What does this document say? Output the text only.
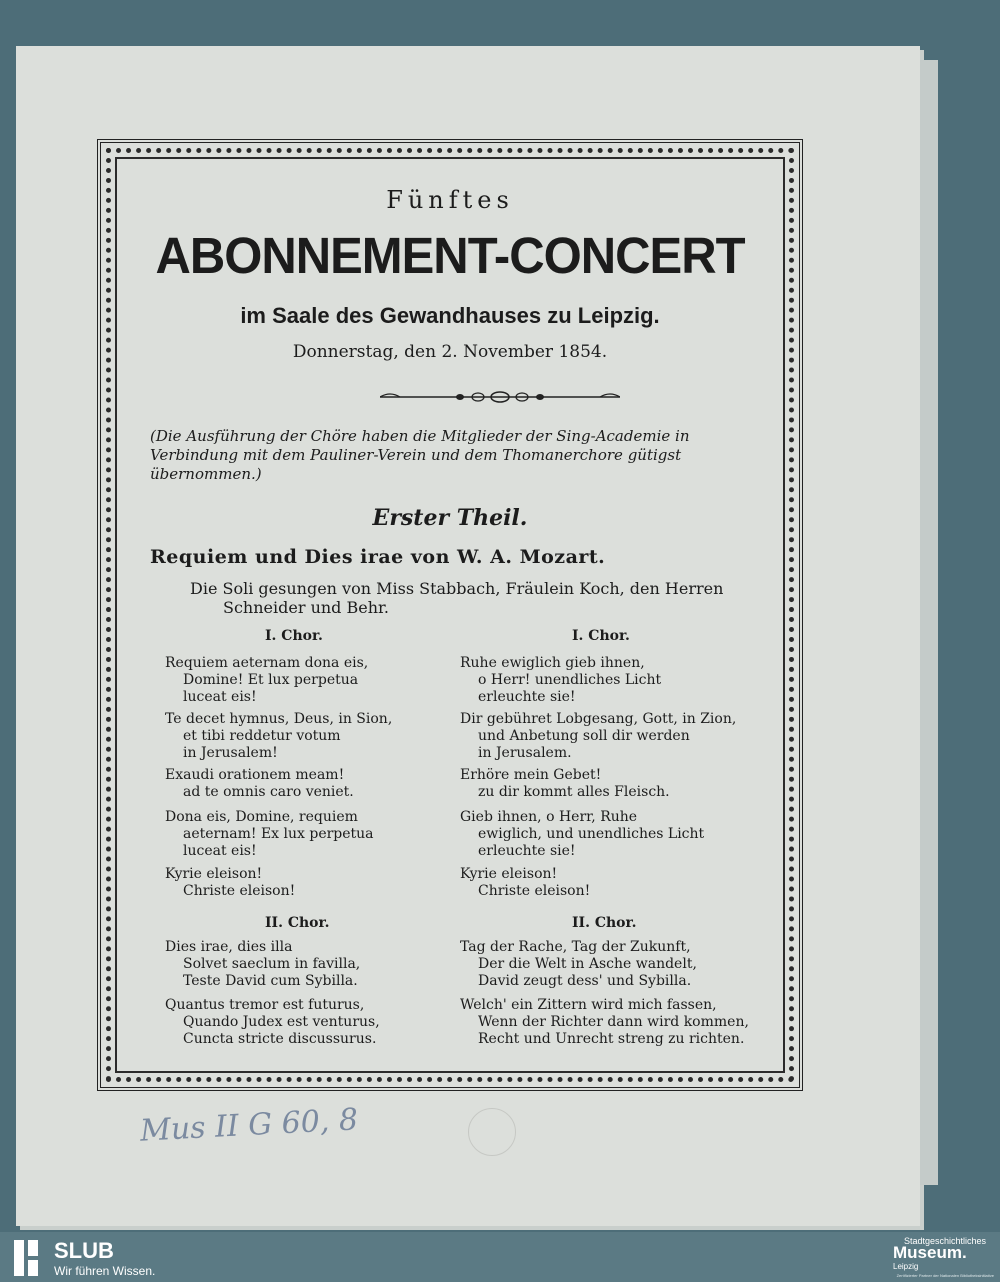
Fünftes
ABONNEMENT-CONCERT
im Saale des Gewandhauses zu Leipzig.
Donnerstag, den 2. November 1854.
(Die Ausführung der Chöre haben die Mitglieder der Sing-Academie in Verbindung mit dem Pauliner-Verein und dem Thomanerchore gütigst übernommen.)
Erster Theil.
Requiem und Dies irae von W. A. Mozart.
Die Soli gesungen von Miss Stabbach, Fräulein Koch, den Herren
Schneider und Behr.
I. Chor.	I. Chor.
Requiem aeternam dona eis,
Domine! Et lux perpetua
luceat eis!
Te decet hymnus, Deus, in Sion,
et tibi reddetur votum
in Jerusalem!
Exaudi orationem meam!
ad te omnis caro veniet.
Dona eis, Domine, requiem
aeternam! Ex lux perpetua
luceat eis!
Kyrie eleison!
Christe eleison!
Ruhe ewiglich gieb ihnen,
o Herr! unendliches Licht
erleuchte sie!
Dir gebühret Lobgesang, Gott, in Zion,
und Anbetung soll dir werden
in Jerusalem.
Erhöre mein Gebet!
zu dir kommt alles Fleisch.
Gieb ihnen, o Herr, Ruhe
ewiglich, und unendliches Licht
erleuchte sie!
Kyrie eleison!
Christe eleison!
II. Chor.	II. Chor.
Dies irae, dies illa
Solvet saeclum in favilla,
Teste David cum Sybilla.
Quantus tremor est futurus,
Quando Judex est venturus,
Cuncta stricte discussurus.
Tag der Rache, Tag der Zukunft,
Der die Welt in Asche wandelt,
David zeugt dess' und Sybilla.
Welch' ein Zittern wird mich fassen,
Wenn der Richter dann wird kommen,
Recht und Unrecht streng zu richten.
Mus II G 60, 8
SLUB
Wir führen Wissen.
Stadtgeschichtliches
Museum.
Leipzig
Zertifizierter Partner der Nationalen Bibliotheksinitiative
